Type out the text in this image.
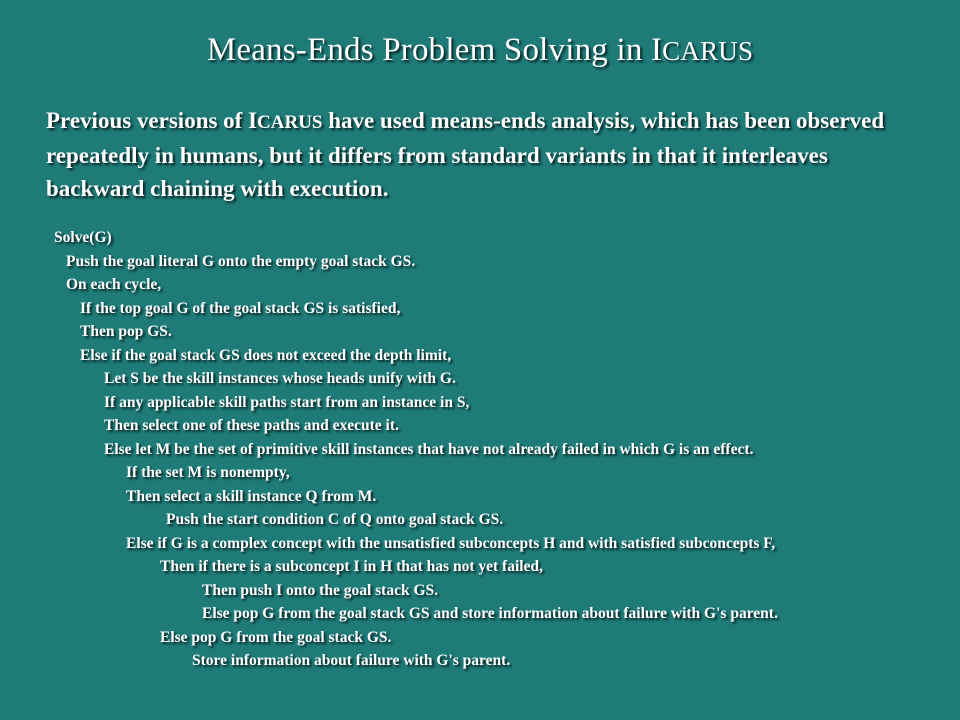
Means-Ends Problem Solving in ICARUS

Previous versions of ICARUS have used means-ends analysis, which has been observed repeatedly in humans, but it differs from standard variants in that it interleaves backward chaining with execution.

Solve(G)
Push the goal literal G onto the empty goal stack GS.
On each cycle,
If the top goal G of the goal stack GS is satisfied,
Then pop GS.
Else if the goal stack GS does not exceed the depth limit,
Let S be the skill instances whose heads unify with G.
If any applicable skill paths start from an instance in S,
Then select one of these paths and execute it.
Else let M be the set of primitive skill instances that have not already failed in which G is an effect.
If the set M is nonempty,
Then select a skill instance Q from M.
Push the start condition C of Q onto goal stack GS.
Else if G is a complex concept with the unsatisfied subconcepts H and with satisfied subconcepts F,
Then if there is a subconcept I in H that has not yet failed,
Then push I onto the goal stack GS.
Else pop G from the goal stack GS and store information about failure with G's parent.
Else pop G from the goal stack GS.
Store information about failure with G's parent.
